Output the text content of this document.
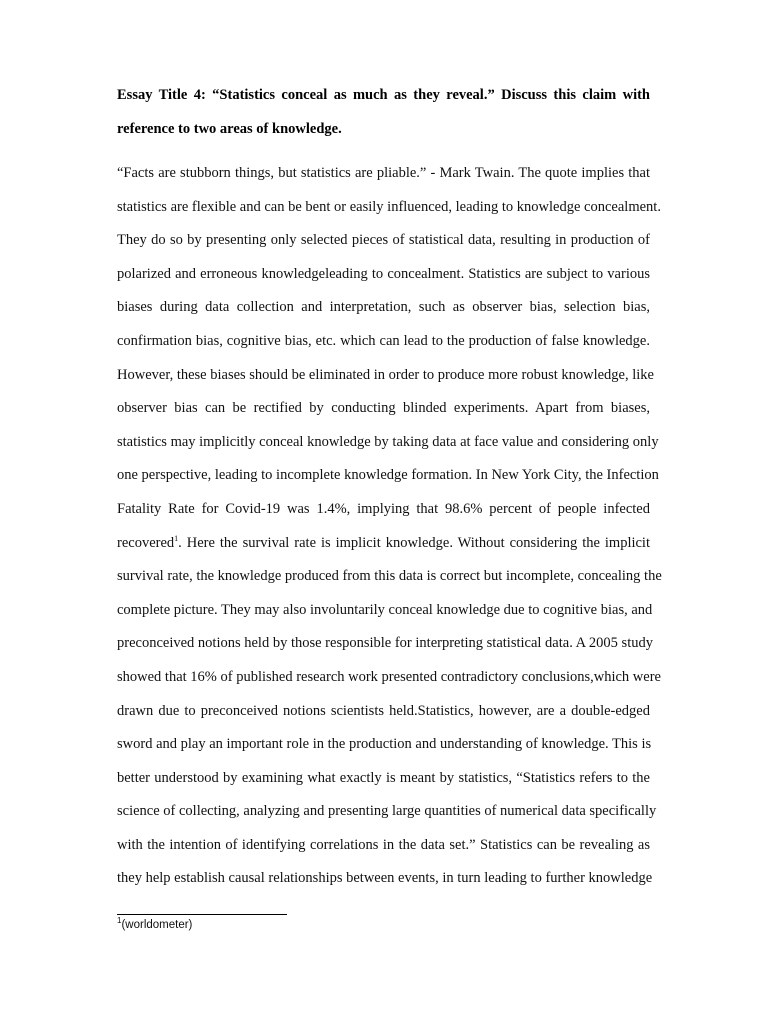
Essay Title 4: “Statistics conceal as much as they reveal.” Discuss this claim with
reference to two areas of knowledge.
“Facts are stubborn things, but statistics are pliable.” - Mark Twain. The quote implies that
statistics are flexible and can be bent or easily influenced, leading to knowledge concealment.
They do so by presenting only selected pieces of statistical data, resulting in production of
polarized and erroneous knowledgeleading to concealment. Statistics are subject to various
biases during data collection and interpretation, such as observer bias, selection bias,
confirmation bias, cognitive bias, etc. which can lead to the production of false knowledge.
However, these biases should be eliminated in order to produce more robust knowledge, like
observer bias can be rectified by conducting blinded experiments. Apart from biases,
statistics may implicitly conceal knowledge by taking data at face value and considering only
one perspective, leading to incomplete knowledge formation. In New York City, the Infection
Fatality Rate for Covid-19 was 1.4%, implying that 98.6% percent of people infected
recovered$^1$. Here the survival rate is implicit knowledge. Without considering the implicit
survival rate, the knowledge produced from this data is correct but incomplete, concealing the
complete picture. They may also involuntarily conceal knowledge due to cognitive bias, and
preconceived notions held by those responsible for interpreting statistical data. A 2005 study
showed that 16% of published research work presented contradictory conclusions,which were
drawn due to preconceived notions scientists held.Statistics, however, are a double-edged
sword and play an important role in the production and understanding of knowledge. This is
better understood by examining what exactly is meant by statistics, “Statistics refers to the
science of collecting, analyzing and presenting large quantities of numerical data specifically
with the intention of identifying correlations in the data set.” Statistics can be revealing as
they help establish causal relationships between events, in turn leading to further knowledge
$^1$(worldometer)
